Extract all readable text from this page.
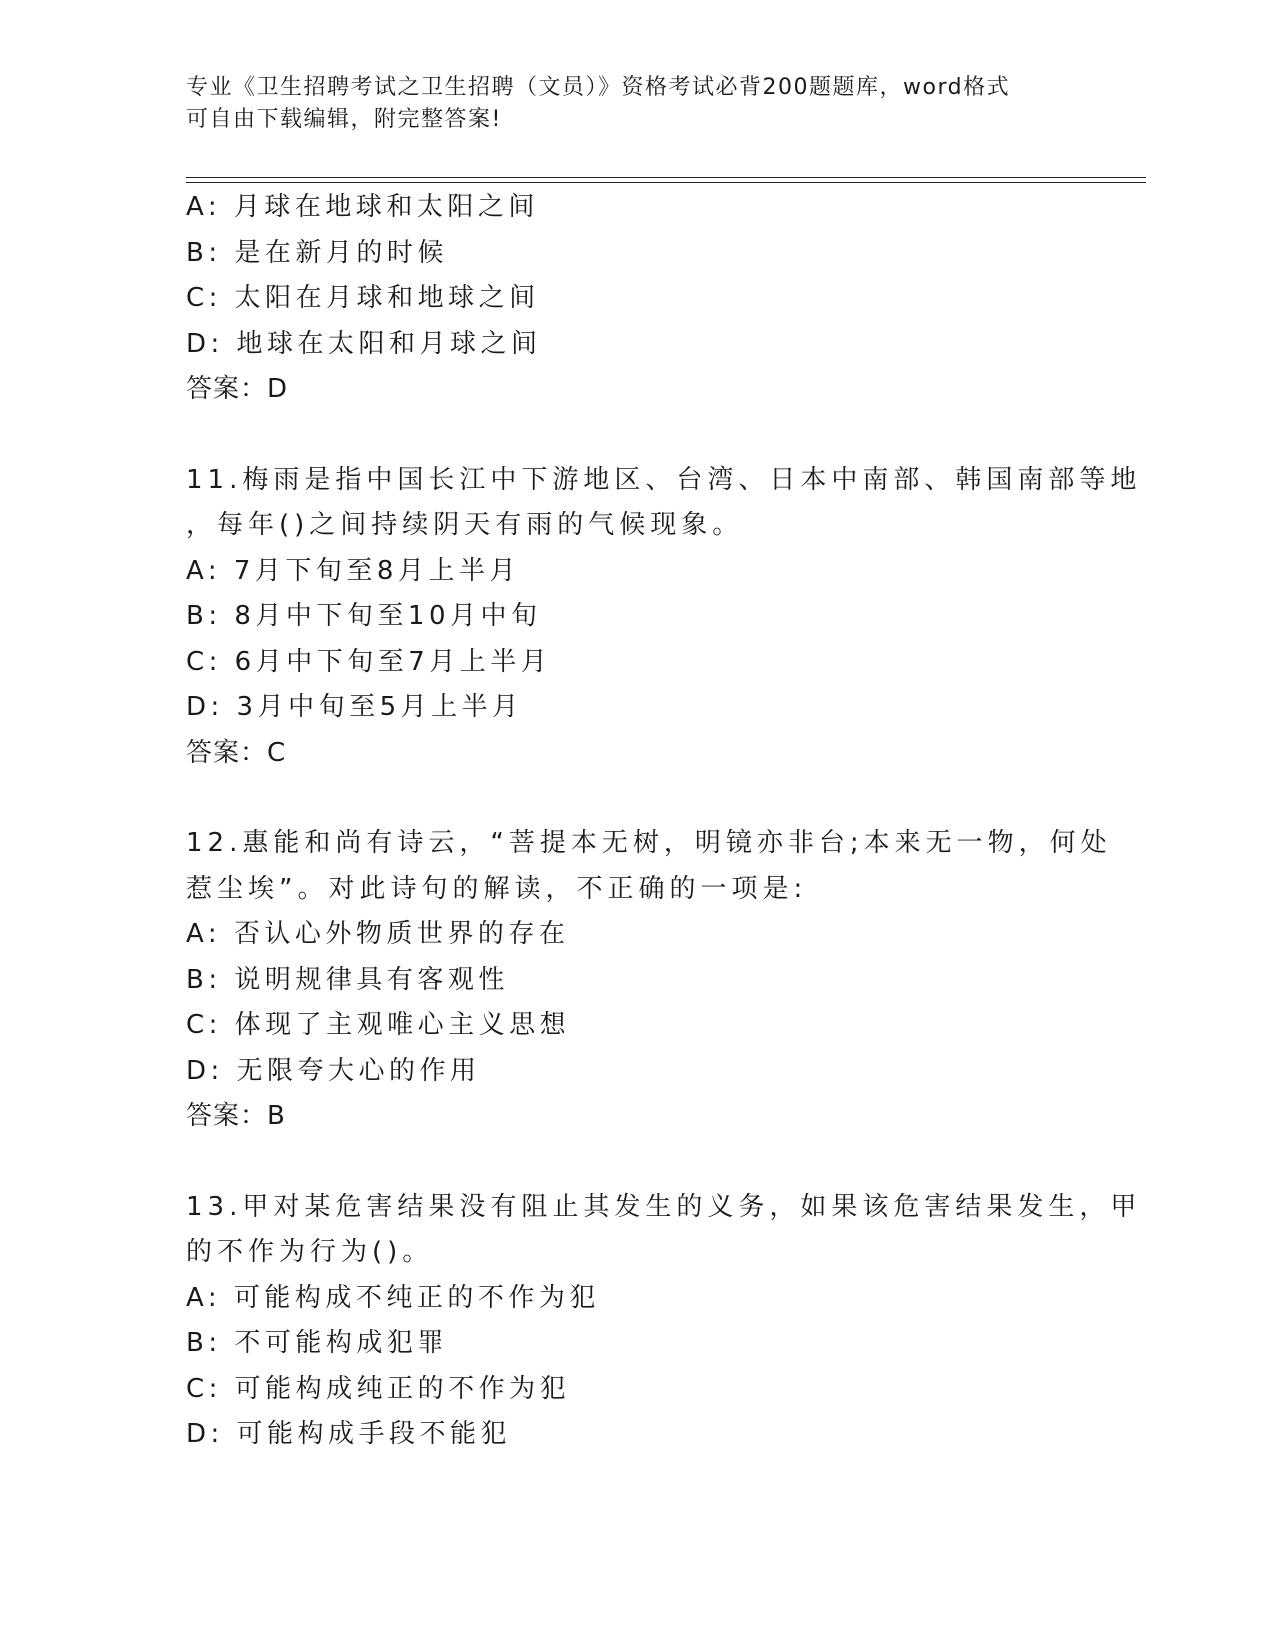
专业《卫生招聘考试之卫生招聘（文员）》资格考试必背200题题库，word格式
可自由下载编辑，附完整答案!
A: 月球在地球和太阳之间
B: 是在新月的时候
C: 太阳在月球和地球之间
D: 地球在太阳和月球之间
答案：D
11.梅雨是指中国长江中下游地区、台湾、日本中南部、韩国南部等地
，每年()之间持续阴天有雨的气候现象。
A: 7月下旬至8月上半月
B: 8月中下旬至10月中旬
C: 6月中下旬至7月上半月
D: 3月中旬至5月上半月
答案：C
12.惠能和尚有诗云，“菩提本无树，明镜亦非台;本来无一物，何处
惹尘埃”。对此诗句的解读，不正确的一项是:
A: 否认心外物质世界的存在
B: 说明规律具有客观性
C: 体现了主观唯心主义思想
D: 无限夸大心的作用
答案：B
13.甲对某危害结果没有阻止其发生的义务，如果该危害结果发生，甲
的不作为行为()。
A: 可能构成不纯正的不作为犯
B: 不可能构成犯罪
C: 可能构成纯正的不作为犯
D: 可能构成手段不能犯
